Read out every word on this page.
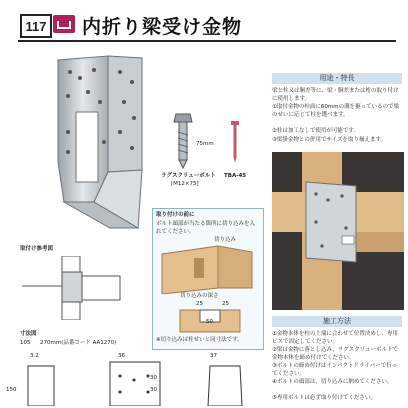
117 内折り梁受け金物
75mm
ラグスクリューボルト
[M12×75]
TBA-45
用途・特長
梁と柱又は胴差等に、梁・胴差または桁の取り付けに使用します。
①取付金物の柱面に60mmの溝を掘っているので梁のせいに応じて柱を選べます。
②柱は加工なしで使用が可能です。
③梁掛金物との併用でサイズを取り揃えます。
取り付けの前に
ボルト頭部が当たる箇所に切り込みを入れてください。
切り込み
切り込みの深さ
25	25
50
※切り込みは柱せいと同寸法です。
取付け参考図
寸法図
105 270mm(品番コード AA1270)
3.2	36	37
30
30
150
施工方法
①金物本体を柱の上端に合わせて位置決めし、専用ビスで固定してください。
②梁は金物に落とし込み、ラグスクリューボルトで金物本体を締め付けてください。
③ボルトの締め付けはインパクトドライバーで行ってください。
④ボルトの頭部は、切り込みに納めてください。
⑤専用ボルトは必ず取り付けてください。
